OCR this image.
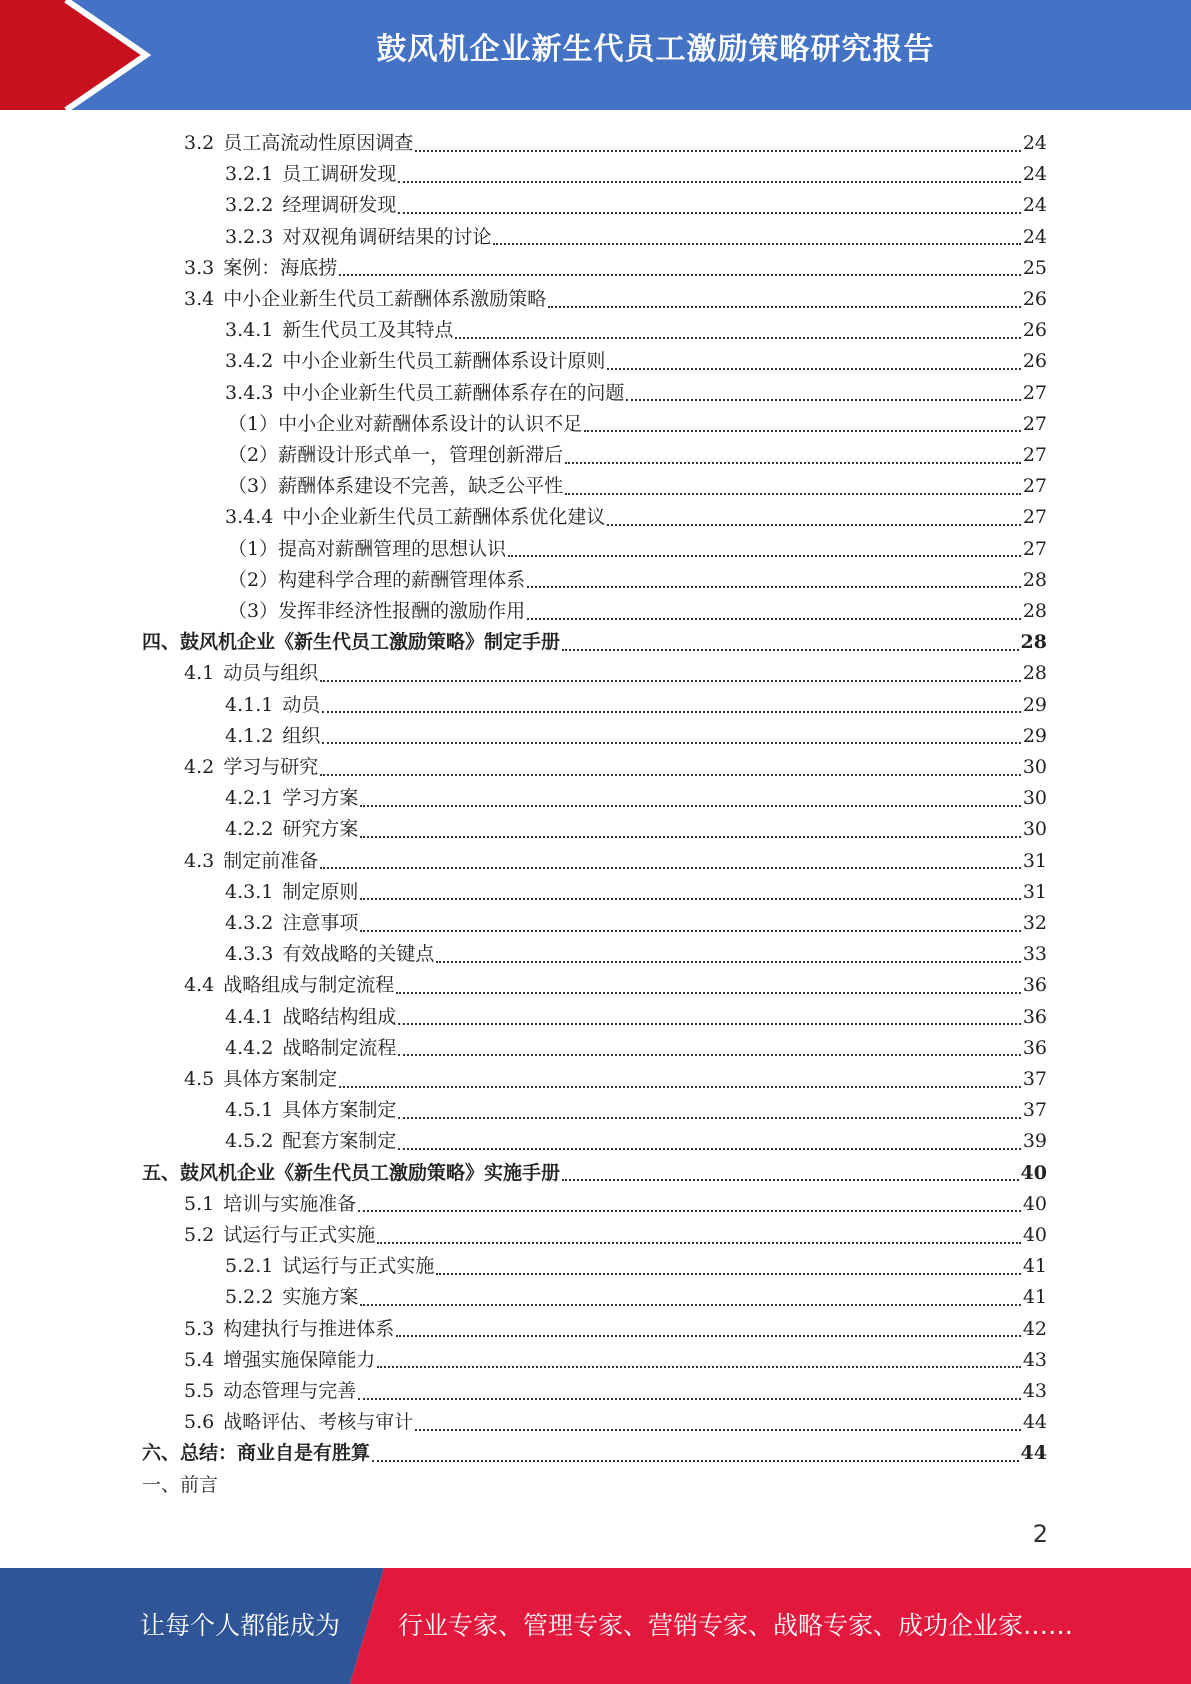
鼓风机企业新生代员工激励策略研究报告
3.2 员工高流动性原因调查	24
3.2.1 员工调研发现	24
3.2.2 经理调研发现	24
3.2.3 对双视角调研结果的讨论	24
3.3 案例：海底捞	25
3.4 中小企业新生代员工薪酬体系激励策略	26
3.4.1 新生代员工及其特点	26
3.4.2 中小企业新生代员工薪酬体系设计原则	26
3.4.3 中小企业新生代员工薪酬体系存在的问题	27
（1）中小企业对薪酬体系设计的认识不足	27
（2）薪酬设计形式单一，管理创新滞后	27
（3）薪酬体系建设不完善，缺乏公平性	27
3.4.4 中小企业新生代员工薪酬体系优化建议	27
（1）提高对薪酬管理的思想认识	27
（2）构建科学合理的薪酬管理体系	28
（3）发挥非经济性报酬的激励作用	28
四、鼓风机企业《新生代员工激励策略》制定手册	28
4.1 动员与组织	28
4.1.1 动员	29
4.1.2 组织	29
4.2 学习与研究	30
4.2.1 学习方案	30
4.2.2 研究方案	30
4.3 制定前准备	31
4.3.1 制定原则	31
4.3.2 注意事项	32
4.3.3 有效战略的关键点	33
4.4 战略组成与制定流程	36
4.4.1 战略结构组成	36
4.4.2 战略制定流程	36
4.5 具体方案制定	37
4.5.1 具体方案制定	37
4.5.2 配套方案制定	39
五、鼓风机企业《新生代员工激励策略》实施手册	40
5.1 培训与实施准备	40
5.2 试运行与正式实施	40
5.2.1 试运行与正式实施	41
5.2.2 实施方案	41
5.3 构建执行与推进体系	42
5.4 增强实施保障能力	43
5.5 动态管理与完善	43
5.6 战略评估、考核与审计	44
六、总结：商业自是有胜算	44
一、前言
2
让每个人都能成为 行业专家、管理专家、营销专家、战略专家、成功企业家……
